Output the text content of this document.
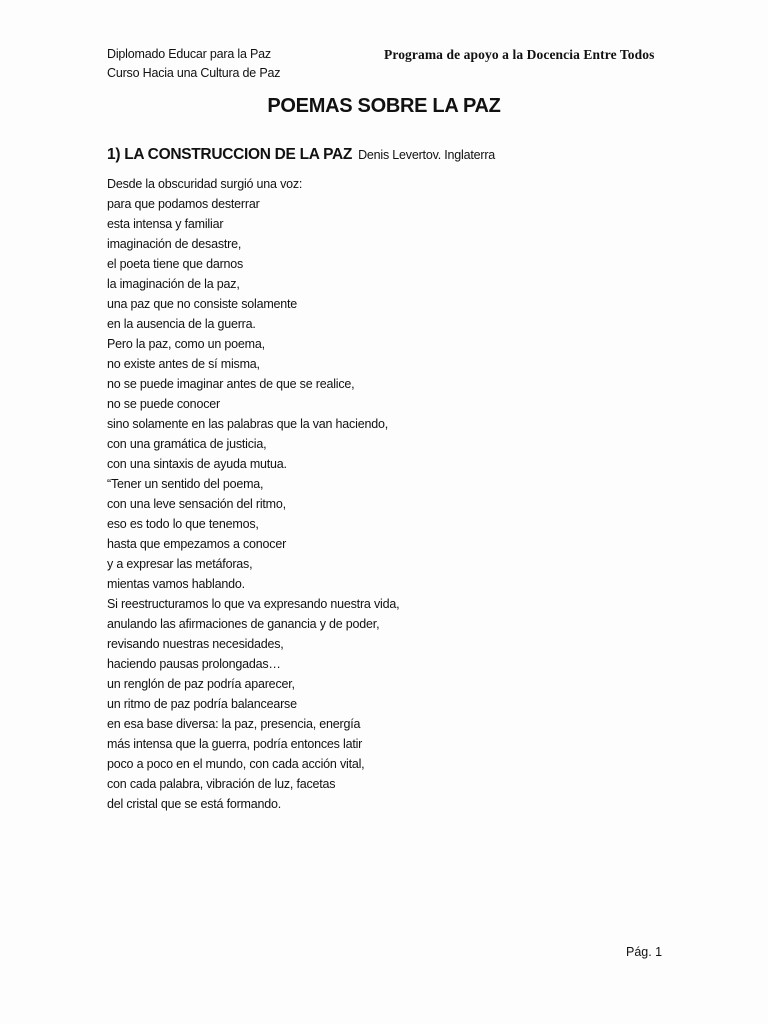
Diplomado Educar para la Paz
Curso Hacia una Cultura de Paz
Programa de apoyo a la Docencia Entre Todos
POEMAS SOBRE LA PAZ
1) LA CONSTRUCCION DE LA PAZ Denis Levertov. Inglaterra
Desde la obscuridad surgió una voz:
para que podamos desterrar
esta intensa y familiar
imaginación de desastre,
el poeta tiene que darnos
la imaginación de la paz,
una paz que no consiste solamente
en la ausencia de la guerra.
Pero la paz, como un poema,
no existe antes de sí misma,
no se puede imaginar antes de que se realice,
no se puede conocer
sino solamente en las palabras que la van haciendo,
con una gramática de justicia,
con una sintaxis de ayuda mutua.
“Tener un sentido del poema,
con una leve sensación del ritmo,
eso es todo lo que tenemos,
hasta que empezamos a conocer
y a expresar las metáforas,
mientas vamos hablando.
Si reestructuramos lo que va expresando nuestra vida,
anulando las afirmaciones de ganancia y de poder,
revisando nuestras necesidades,
haciendo pausas prolongadas…
un renglón de paz podría aparecer,
un ritmo de paz podría balancearse
en esa base diversa: la paz, presencia, energía
más intensa que la guerra, podría entonces latir
poco a poco en el mundo, con cada acción vital,
con cada palabra, vibración de luz, facetas
del cristal que se está formando.
Pág. 1
